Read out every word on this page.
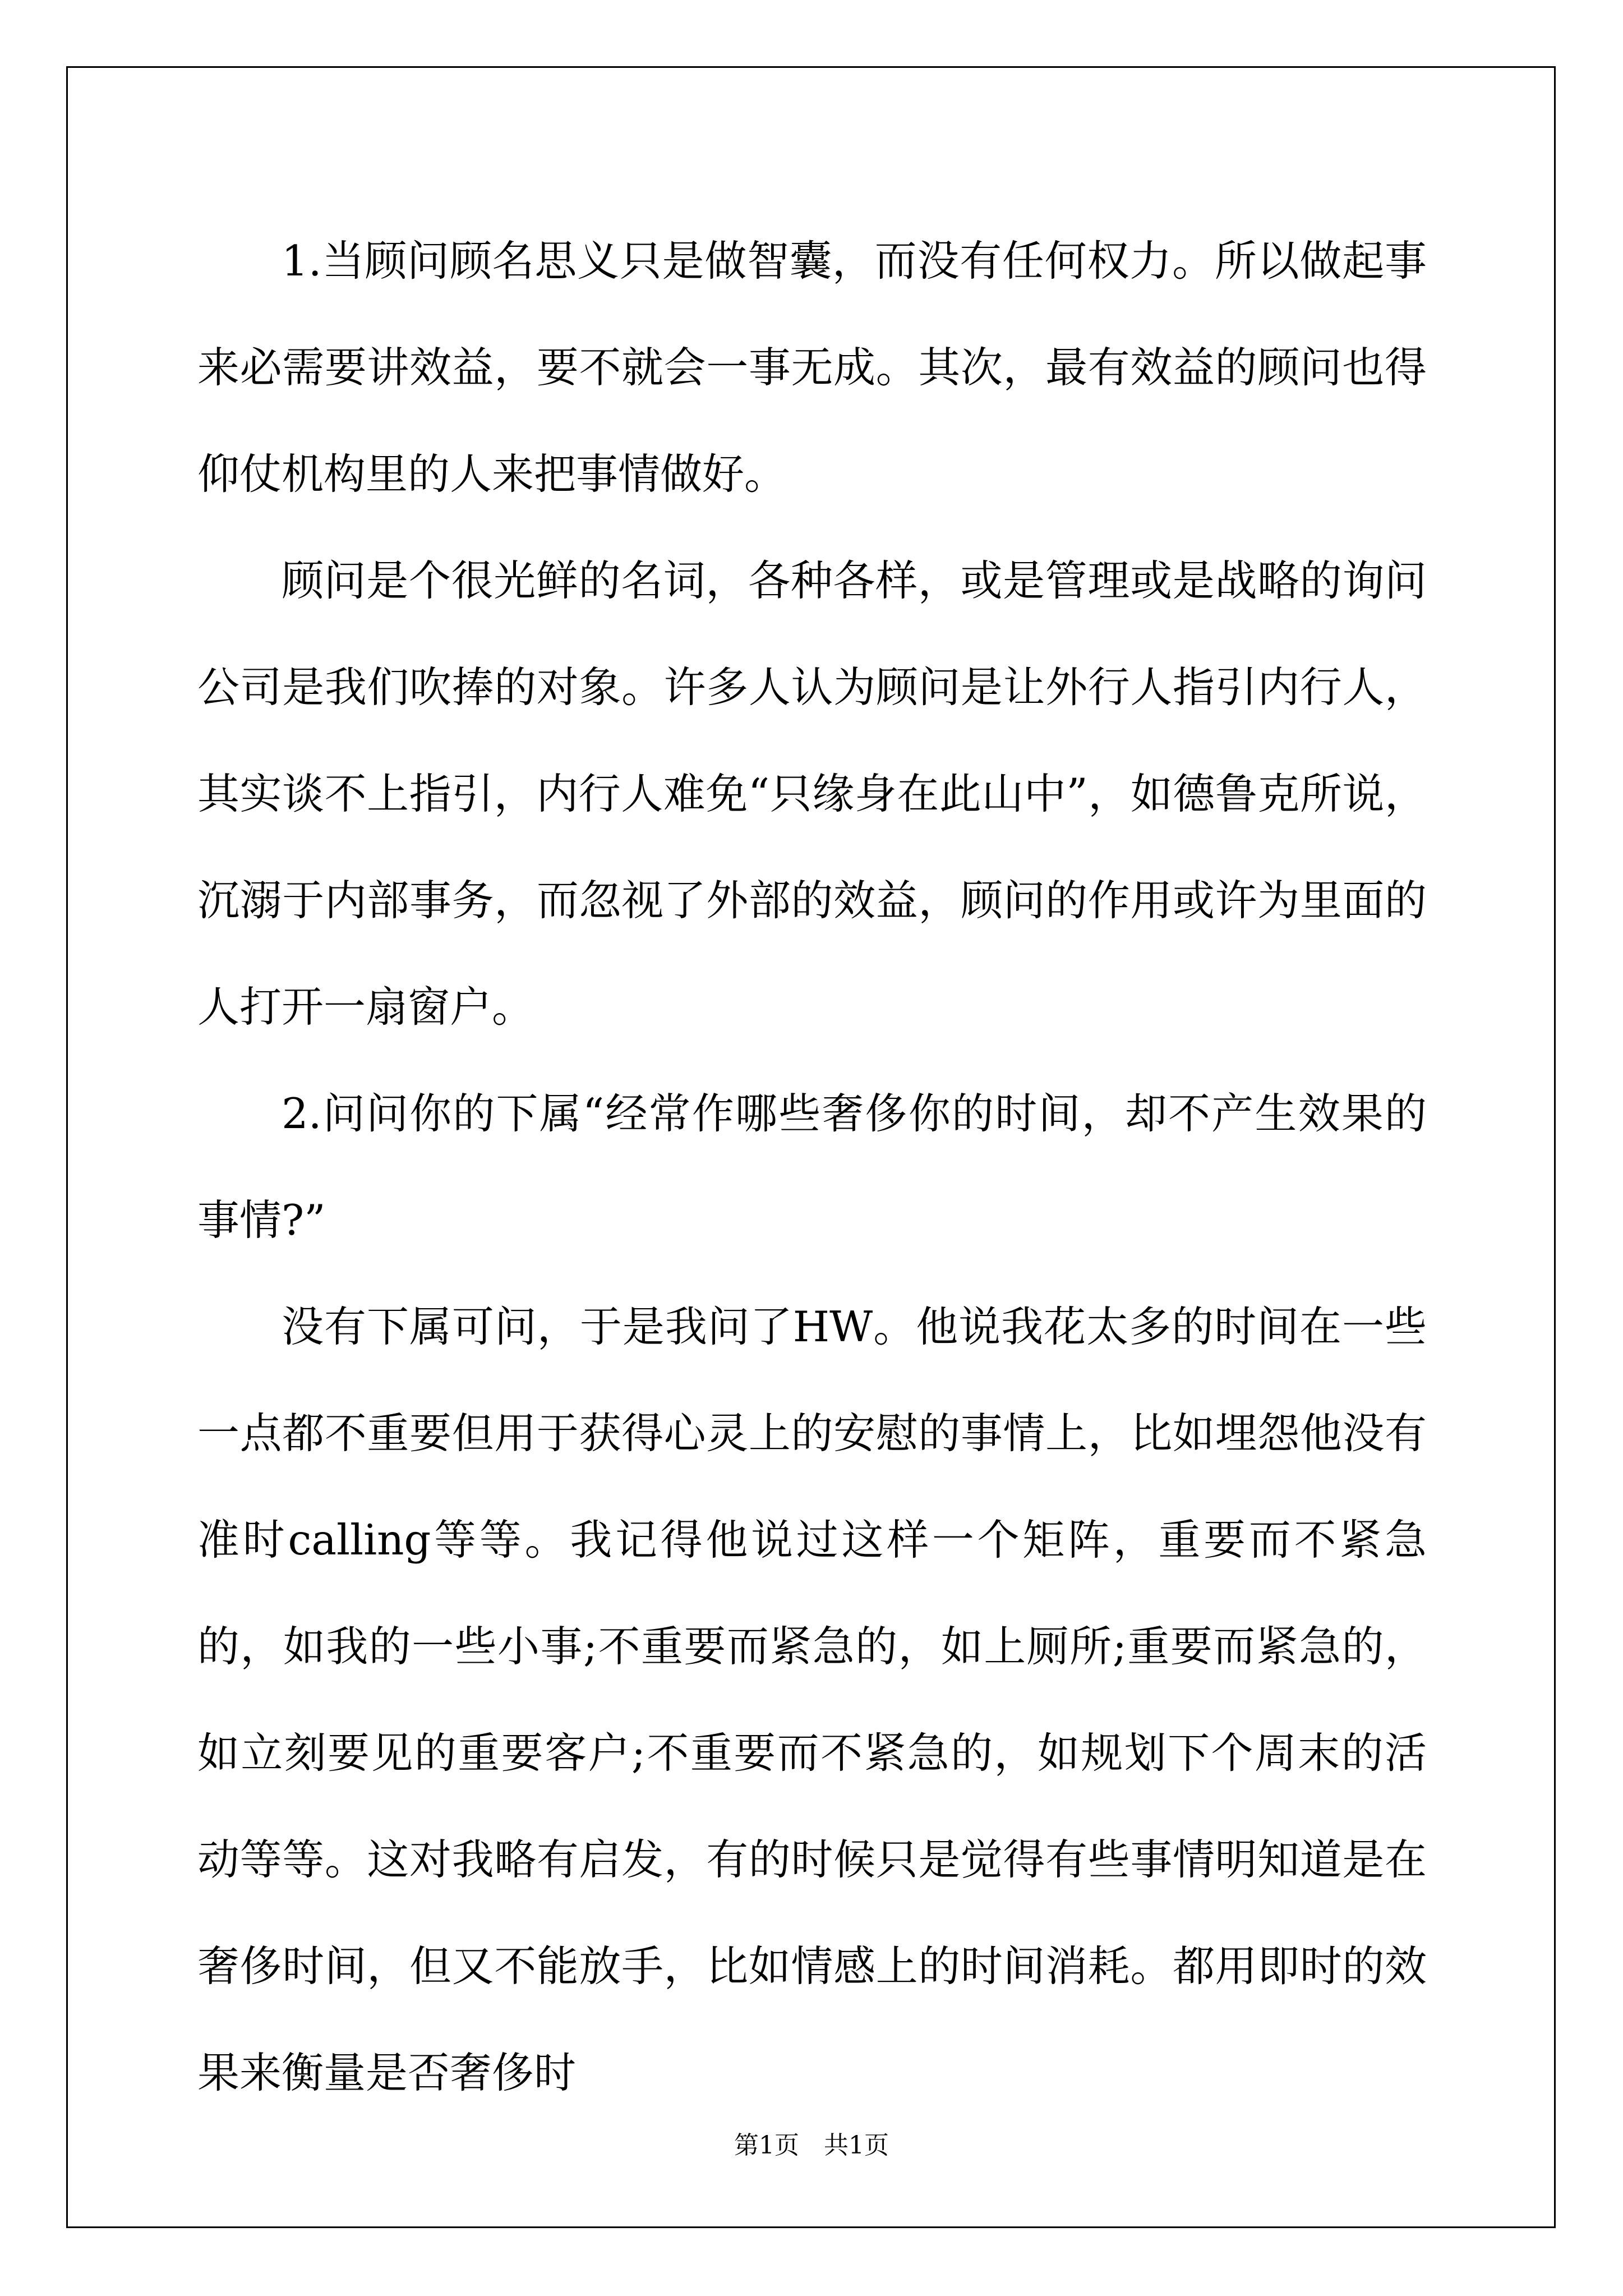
1.当顾问顾名思义只是做智囊，而没有任何权力。所以做起事来必需要讲效益，要不就会一事无成。其次，最有效益的顾问也得仰仗机构里的人来把事情做好。

顾问是个很光鲜的名词，各种各样，或是管理或是战略的询问公司是我们吹捧的对象。许多人认为顾问是让外行人指引内行人，其实谈不上指引，内行人难免“只缘身在此山中”，如德鲁克所说，沉溺于内部事务，而忽视了外部的效益，顾问的作用或许为里面的人打开一扇窗户。

2.问问你的下属“经常作哪些奢侈你的时间，却不产生效果的事情?”

没有下属可问，于是我问了HW。他说我花太多的时间在一些一点都不重要但用于获得心灵上的安慰的事情上，比如埋怨他没有准时calling等等。我记得他说过这样一个矩阵，重要而不紧急的，如我的一些小事;不重要而紧急的，如上厕所;重要而紧急的，如立刻要见的重要客户;不重要而不紧急的，如规划下个周末的活动等等。这对我略有启发，有的时候只是觉得有些事情明知道是在奢侈时间，但又不能放手，比如情感上的时间消耗。都用即时的效果来衡量是否奢侈时

第1页　共1页
